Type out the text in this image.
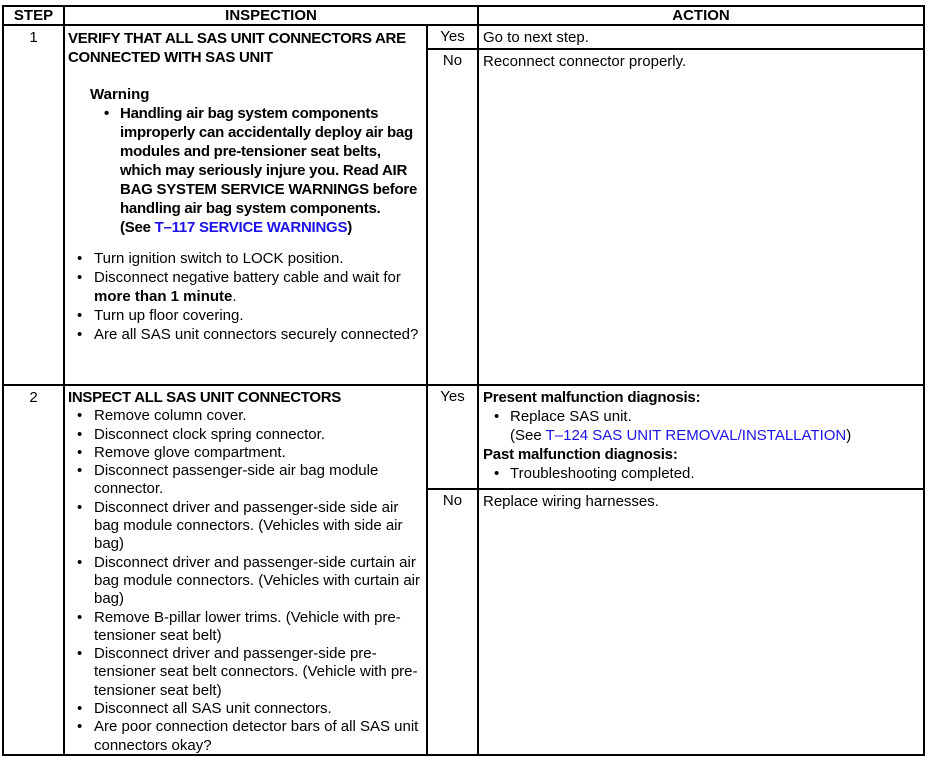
STEP	INSPECTION	ACTION
1	VERIFY THAT ALL SAS UNIT CONNECTORS ARE CONNECTED WITH SAS UNIT
Warning
• Handling air bag system components improperly can accidentally deploy air bag modules and pre-tensioner seat belts, which may seriously injure you. Read AIR BAG SYSTEM SERVICE WARNINGS before handling air bag system components.
(See T–117 SERVICE WARNINGS)
• Turn ignition switch to LOCK position.
• Disconnect negative battery cable and wait for more than 1 minute.
• Turn up floor covering.
• Are all SAS unit connectors securely connected?
Yes	Go to next step.
No	Reconnect connector properly.
2	INSPECT ALL SAS UNIT CONNECTORS
• Remove column cover.
• Disconnect clock spring connector.
• Remove glove compartment.
• Disconnect passenger-side air bag module connector.
• Disconnect driver and passenger-side side air bag module connectors. (Vehicles with side air bag)
• Disconnect driver and passenger-side curtain air bag module connectors. (Vehicles with curtain air bag)
• Remove B-pillar lower trims. (Vehicle with pre-tensioner seat belt)
• Disconnect driver and passenger-side pre-tensioner seat belt connectors. (Vehicle with pre-tensioner seat belt)
• Disconnect all SAS unit connectors.
• Are poor connection detector bars of all SAS unit connectors okay?
Yes	Present malfunction diagnosis:
• Replace SAS unit.
(See T–124 SAS UNIT REMOVAL/INSTALLATION)
Past malfunction diagnosis:
• Troubleshooting completed.
No	Replace wiring harnesses.
